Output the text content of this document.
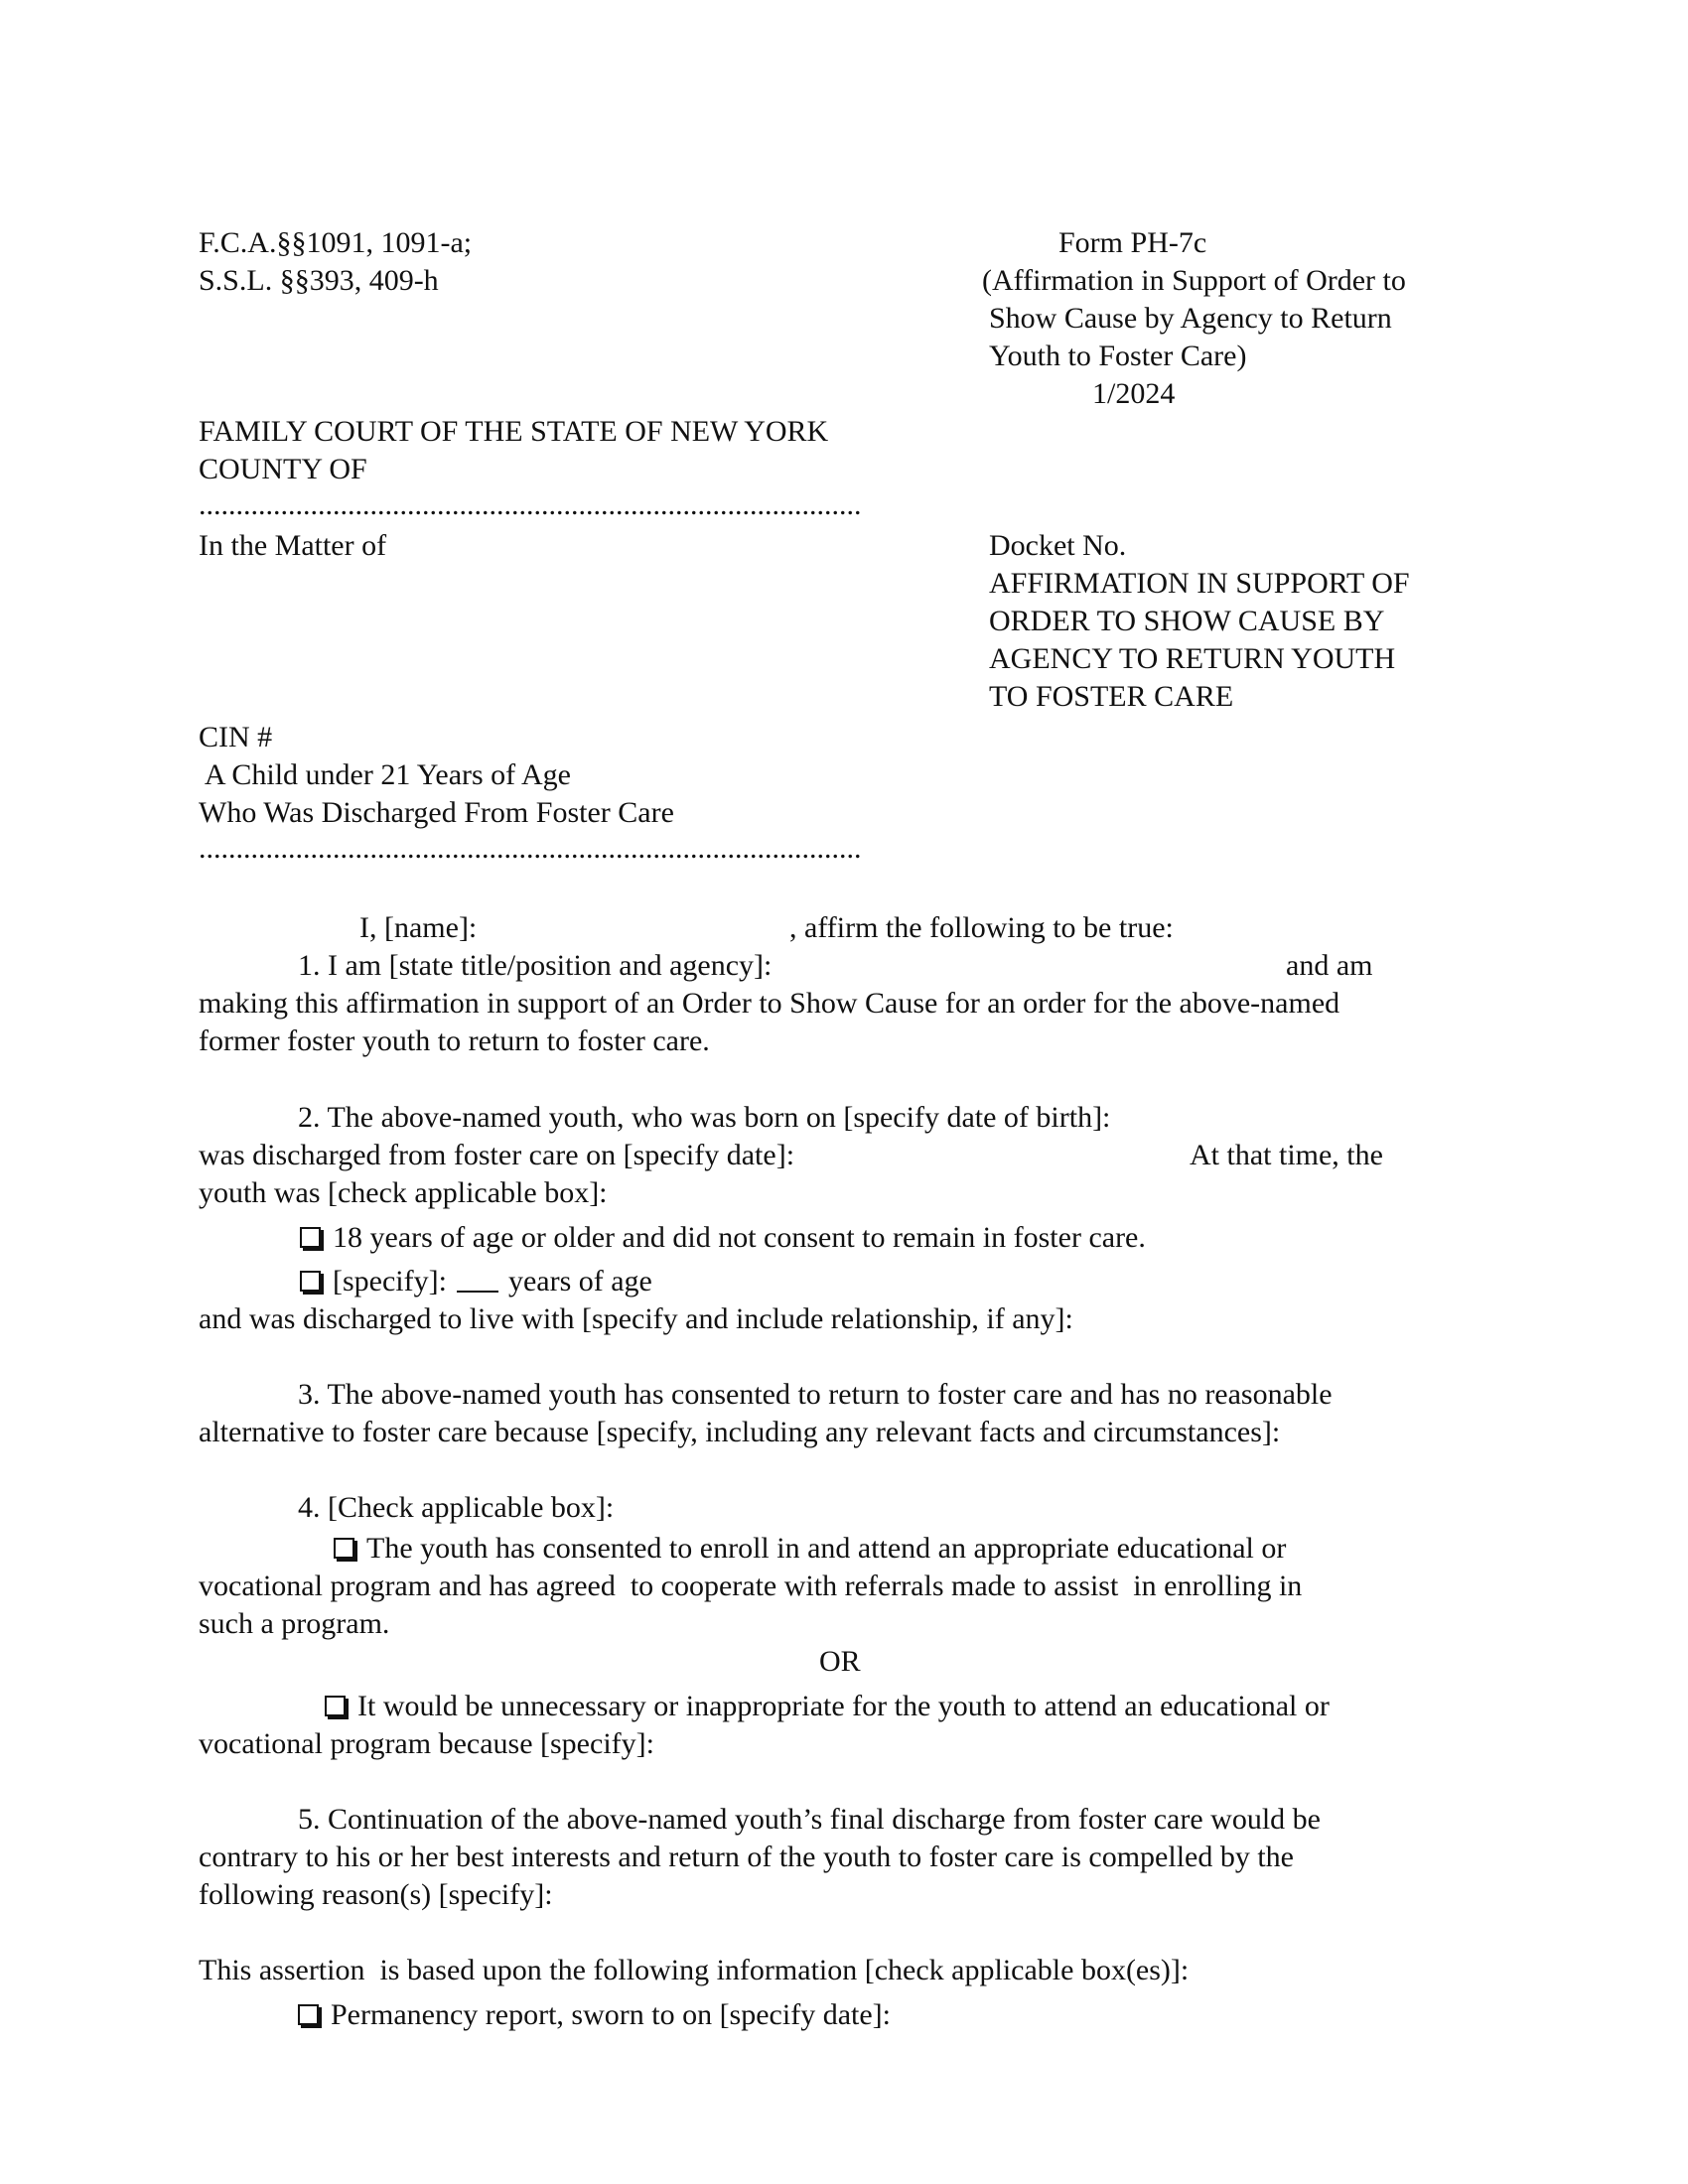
F.C.A.§§1091, 1091-a;
S.S.L. §§393, 409-h
Form PH-7c
(Affirmation in Support of Order to
Show Cause by Agency to Return
Youth to Foster Care)
1/2024
FAMILY COURT OF THE STATE OF NEW YORK
COUNTY OF
.........................................................................................
In the Matter of	Docket No.
AFFIRMATION IN SUPPORT OF
ORDER TO SHOW CAUSE BY
AGENCY TO RETURN YOUTH
TO FOSTER CARE
CIN #
A Child under 21 Years of Age
Who Was Discharged From Foster Care
.........................................................................................
I, [name]:	, affirm the following to be true:
1. I am [state title/position and agency]:	and am
making this affirmation in support of an Order to Show Cause for an order for the above-named
former foster youth to return to foster care.
2. The above-named youth, who was born on [specify date of birth]:
was discharged from foster care on [specify date]:	At that time, the
youth was [check applicable box]:
18 years of age or older and did not consent to remain in foster care.
[specify]: years of age
and was discharged to live with [specify and include relationship, if any]:
3. The above-named youth has consented to return to foster care and has no reasonable
alternative to foster care because [specify, including any relevant facts and circumstances]:
4. [Check applicable box]:
The youth has consented to enroll in and attend an appropriate educational or
vocational program and has agreed  to cooperate with referrals made to assist  in enrolling in
such a program.
OR
It would be unnecessary or inappropriate for the youth to attend an educational or
vocational program because [specify]:
5. Continuation of the above-named youth’s final discharge from foster care would be
contrary to his or her best interests and return of the youth to foster care is compelled by the
following reason(s) [specify]:
This assertion  is based upon the following information [check applicable box(es)]:
Permanency report, sworn to on [specify date]:
